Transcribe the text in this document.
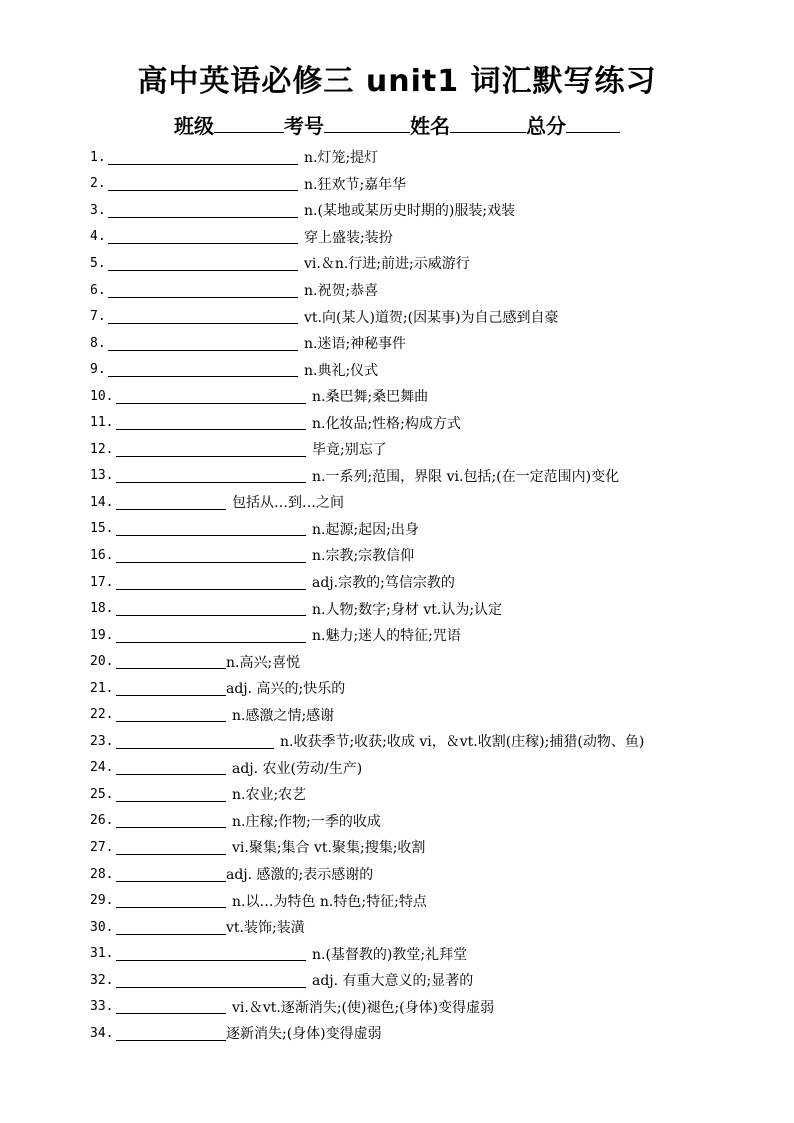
高中英语必修三 unit1 词汇默写练习
班级	考号	姓名	总分
1.	n.灯笼;提灯
2.	n.狂欢节;嘉年华
3.	n.(某地或某历史时期的)服装;戏装
4.	穿上盛装;装扮
5.	vi.＆n.行进;前进;示威游行
6.	n.祝贺;恭喜
7.	vt.向(某人)道贺;(因某事)为自己感到自豪
8.	n.迷语;神秘事件
9.	n.典礼;仪式
10.	n.桑巴舞;桑巴舞曲
11.	n.化妆品;性格;构成方式
12.	毕竟;别忘了
13.	n.一系列;范围，界限 vi.包括;(在一定范围内)变化
14.	包括从…到…之间
15.	n.起源;起因;出身
16.	n.宗教;宗教信仰
17.	adj.宗教的;笃信宗教的
18.	n.人物;数字;身材 vt.认为;认定
19.	n.魅力;迷人的特征;咒语
20.	n.高兴;喜悦
21.	adj. 高兴的;快乐的
22.	n.感激之情;感谢
23.	n.收获季节;收获;收成 vi，＆vt.收割(庄稼);捕猎(动物、鱼)
24.	adj. 农业(劳动/生产)
25.	n.农业;农艺
26.	n.庄稼;作物;一季的收成
27.	vi.聚集;集合 vt.聚集;搜集;收割
28.	adj. 感激的;表示感谢的
29.	n.以…为特色 n.特色;特征;特点
30.	vt.装饰;装潢
31.	n.(基督教的)教堂;礼拜堂
32.	adj. 有重大意义的;显著的
33.	vi.＆vt.逐渐消失;(使)褪色;(身体)变得虚弱
34.	逐新消失;(身体)变得虚弱
